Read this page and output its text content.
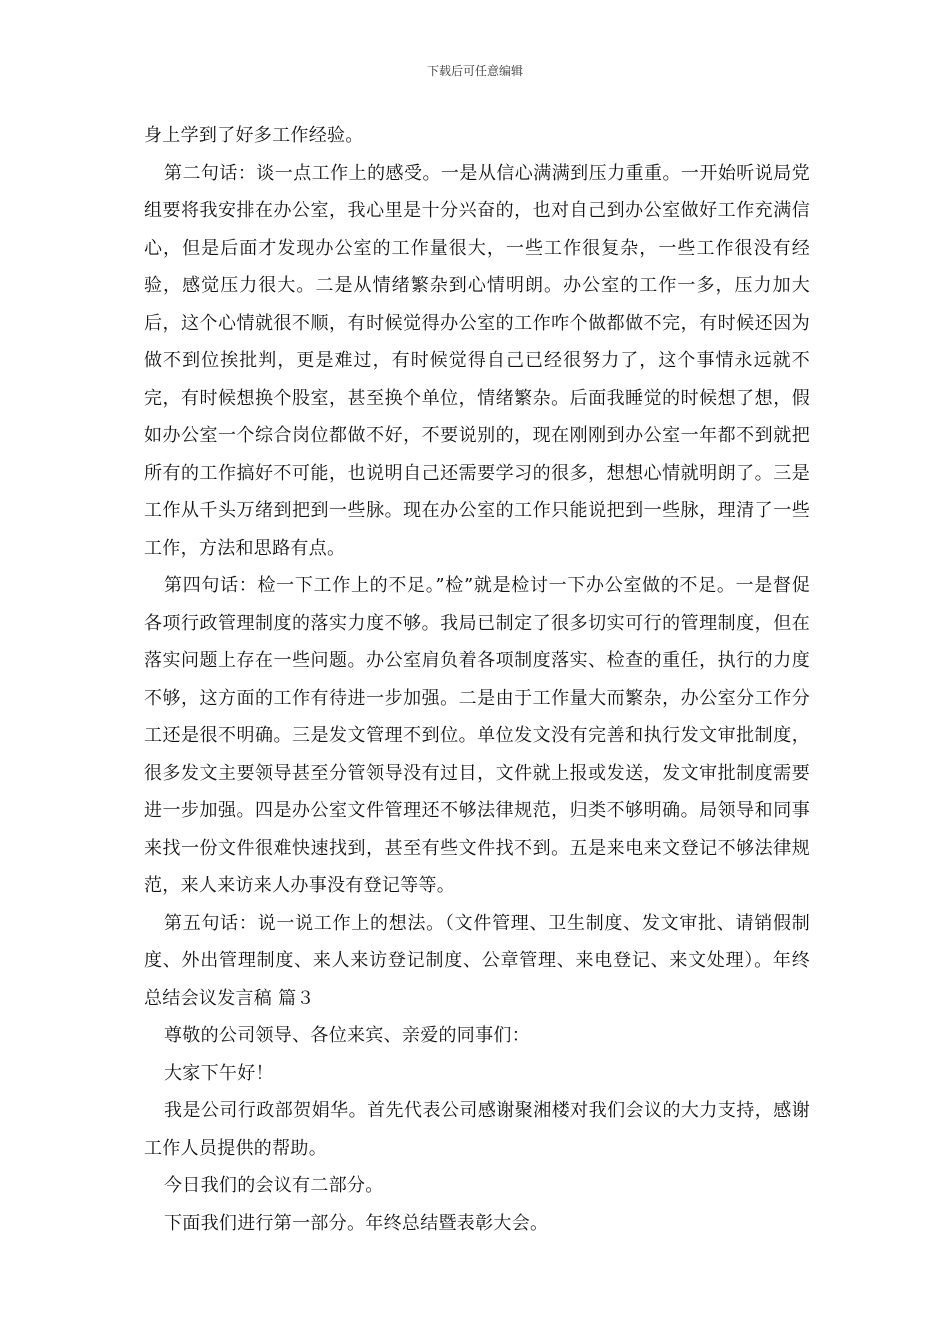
下载后可任意编辑

身上学到了好多工作经验。

第二句话：谈一点工作上的感受。一是从信心满满到压力重重。一开始听说局党组要将我安排在办公室，我心里是十分兴奋的，也对自己到办公室做好工作充满信心，但是后面才发现办公室的工作量很大，一些工作很复杂，一些工作很没有经验，感觉压力很大。二是从情绪繁杂到心情明朗。办公室的工作一多，压力加大后，这个心情就很不顺，有时候觉得办公室的工作咋个做都做不完，有时候还因为做不到位挨批判，更是难过，有时候觉得自己已经很努力了，这个事情永远就不完，有时候想换个股室，甚至换个单位，情绪繁杂。后面我睡觉的时候想了想，假如办公室一个综合岗位都做不好，不要说别的，现在刚刚到办公室一年都不到就把所有的工作搞好不可能，也说明自己还需要学习的很多，想想心情就明朗了。三是工作从千头万绪到把到一些脉。现在办公室的工作只能说把到一些脉，理清了一些工作，方法和思路有点。

第四句话：检一下工作上的不足。”检”就是检讨一下办公室做的不足。一是督促各项行政管理制度的落实力度不够。我局已制定了很多切实可行的管理制度，但在落实问题上存在一些问题。办公室肩负着各项制度落实、检查的重任，执行的力度不够，这方面的工作有待进一步加强。二是由于工作量大而繁杂，办公室分工作分工还是很不明确。三是发文管理不到位。单位发文没有完善和执行发文审批制度，很多发文主要领导甚至分管领导没有过目，文件就上报或发送，发文审批制度需要进一步加强。四是办公室文件管理还不够法律规范，归类不够明确。局领导和同事来找一份文件很难快速找到，甚至有些文件找不到。五是来电来文登记不够法律规范，来人来访来人办事没有登记等等。

第五句话：说一说工作上的想法。（文件管理、卫生制度、发文审批、请销假制度、外出管理制度、来人来访登记制度、公章管理、来电登记、来文处理）。年终总结会议发言稿 篇３

尊敬的公司领导、各位来宾、亲爱的同事们：

大家下午好！

我是公司行政部贺娟华。首先代表公司感谢聚湘楼对我们会议的大力支持，感谢工作人员提供的帮助。

今日我们的会议有二部分。

下面我们进行第一部分。年终总结暨表彰大会。
